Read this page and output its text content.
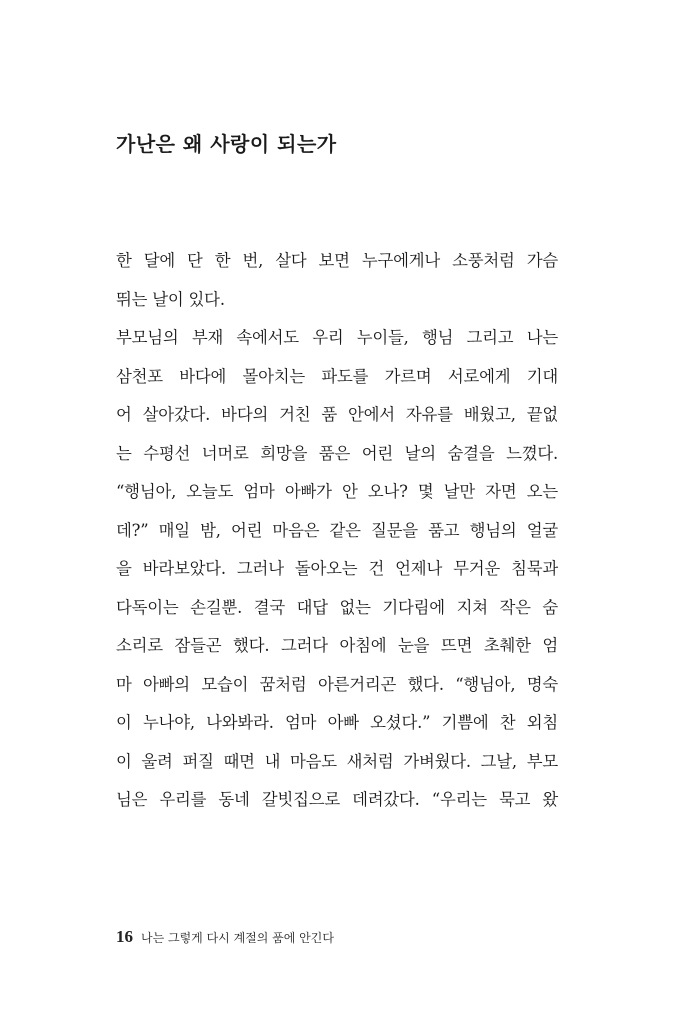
가난은 왜 사랑이 되는가
한 달에 단 한 번, 살다 보면 누구에게나 소풍처럼 가슴
뛰는 날이 있다.
부모님의 부재 속에서도 우리 누이들, 행님 그리고 나는
삼천포 바다에 몰아치는 파도를 가르며 서로에게 기대
어 살아갔다. 바다의 거친 품 안에서 자유를 배웠고, 끝없
는 수평선 너머로 희망을 품은 어린 날의 숨결을 느꼈다.
“행님아, 오늘도 엄마 아빠가 안 오나? 몇 날만 자면 오는
데?” 매일 밤, 어린 마음은 같은 질문을 품고 행님의 얼굴
을 바라보았다. 그러나 돌아오는 건 언제나 무거운 침묵과
다독이는 손길뿐. 결국 대답 없는 기다림에 지쳐 작은 숨
소리로 잠들곤 했다. 그러다 아침에 눈을 뜨면 초췌한 엄
마 아빠의 모습이 꿈처럼 아른거리곤 했다. “행님아, 명숙
이 누나야, 나와봐라. 엄마 아빠 오셨다.” 기쁨에 찬 외침
이 울려 퍼질 때면 내 마음도 새처럼 가벼웠다. 그날, 부모
님은 우리를 동네 갈빗집으로 데려갔다. “우리는 묵고 왔
16 나는 그렇게 다시 계절의 품에 안긴다
